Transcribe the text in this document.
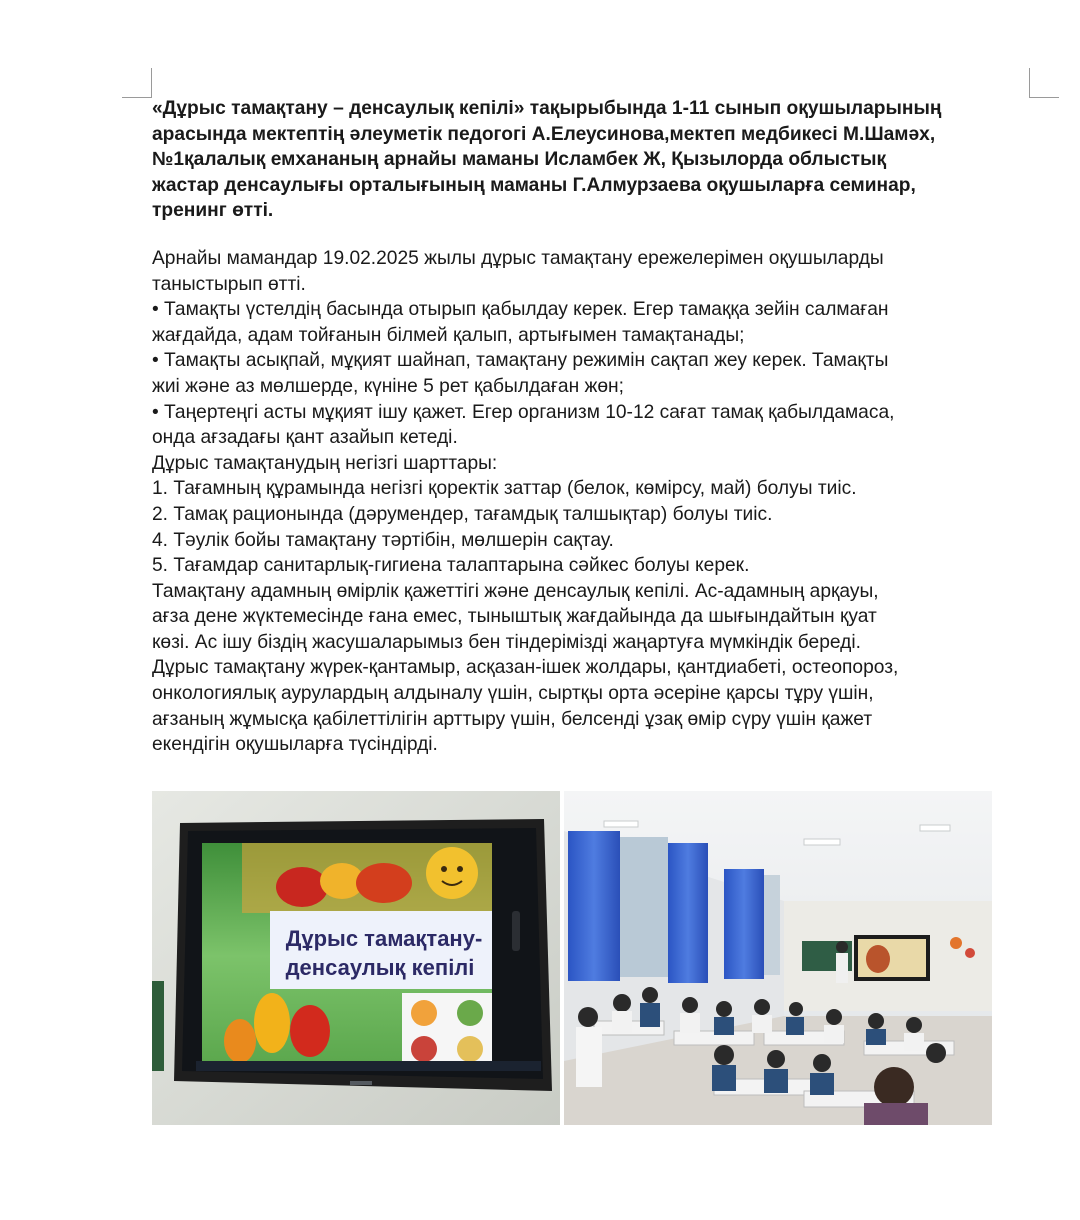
«Дұрыс тамақтану – денсаулық кепілі» тақырыбында 1-11 сынып оқушыларының
арасында мектептің әлеуметік педогогі А.Елеусинова,мектеп медбикесі М.Шамәх,
№1қалалық емхананың арнайы маманы Исламбек Ж, Қызылорда облыстық
жастар денсаулығы орталығының маманы Г.Алмурзаева оқушыларға семинар,
тренинг өтті.

Арнайы мамандар 19.02.2025 жылы дұрыс тамақтану ережелерімен оқушыларды
таныстырып өтті.
• Тамақты үстелдің басында отырып қабылдау керек. Егер тамаққа зейін салмаған
жағдайда, адам тойғанын білмей қалып, артығымен тамақтанады;
• Тамақты асықпай, мұқият шайнап, тамақтану режимін сақтап жеу керек. Тамақты
жиі және аз мөлшерде, күніне 5 рет қабылдаған жөн;
• Таңертеңгі асты мұқият ішу қажет. Егер организм 10-12 сағат тамақ қабылдамаса,
онда ағзадағы қант азайып кетеді.
Дұрыс тамақтанудың негізгі шарттары:
1. Тағамның құрамында негізгі қоректік заттар (белок, көмірсу, май) болуы тиіс.
2. Тамақ рационында (дәрумендер, тағамдық талшықтар) болуы тиіс.
4. Тәулік бойы тамақтану тәртібін, мөлшерін сақтау.
5. Тағамдар санитарлық-гигиена талаптарына сәйкес болуы керек.
Тамақтану адамның өмірлік қажеттігі және денсаулық кепілі. Ас-адамның арқауы,
ағза дене жүктемесінде ғана емес, тыныштық жағдайында да шығындайтын қуат
көзі. Ас ішу біздің жасушаларымыз бен тіндерімізді жаңартуға мүмкіндік береді.
Дұрыс тамақтану жүрек-қантамыр, асқазан-ішек жолдары, қантдиабеті, остеопороз,
онкологиялық аурулардың алдыналу үшін, сыртқы орта әсеріне қарсы тұру үшін,
ағзаның жұмысқа қабілеттілігін арттыру үшін, белсенді ұзақ өмір сүру үшін қажет
екендігін оқушыларға түсіндірді.
Дұрыс тамақтану-
денсаулық кепілі
